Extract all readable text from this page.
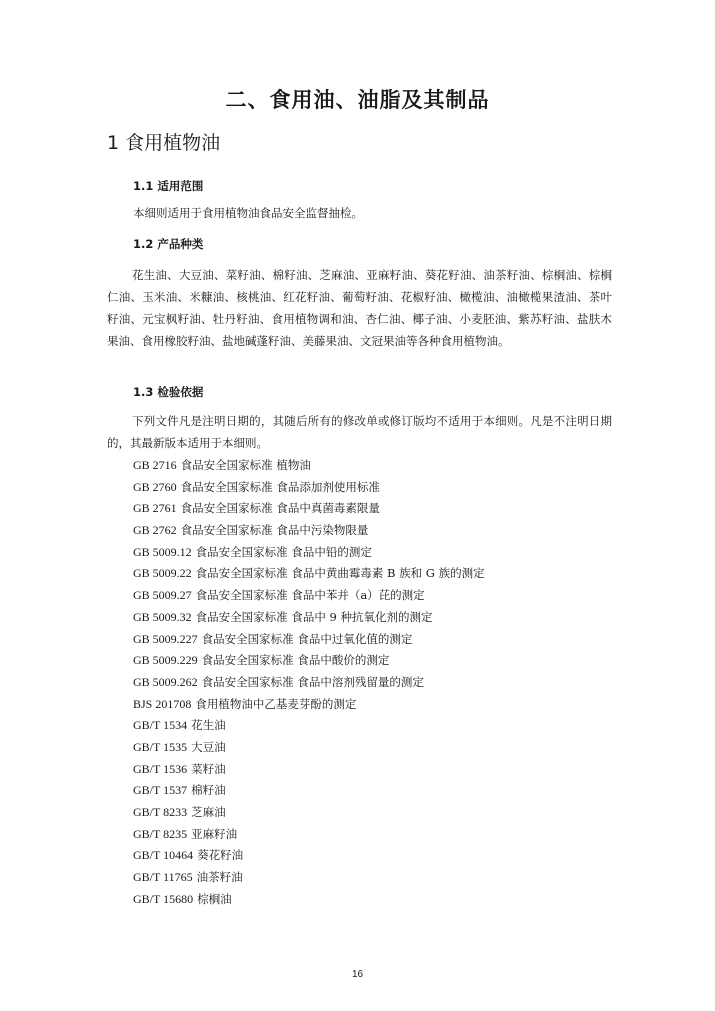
二、食用油、油脂及其制品
1 食用植物油
1.1 适用范围
本细则适用于食用植物油食品安全监督抽检。
1.2 产品种类
花生油、大豆油、菜籽油、棉籽油、芝麻油、亚麻籽油、葵花籽油、油茶籽油、棕榈油、棕榈仁油、玉米油、米糠油、核桃油、红花籽油、葡萄籽油、花椒籽油、橄榄油、油橄榄果渣油、茶叶籽油、元宝枫籽油、牡丹籽油、食用植物调和油、杏仁油、椰子油、小麦胚油、紫苏籽油、盐肤木果油、食用橡胶籽油、盐地碱蓬籽油、美藤果油、文冠果油等各种食用植物油。
1.3 检验依据
下列文件凡是注明日期的，其随后所有的修改单或修订版均不适用于本细则。凡是不注明日期的，其最新版本适用于本细则。
GB 2716 食品安全国家标准 植物油
GB 2760 食品安全国家标准 食品添加剂使用标准
GB 2761 食品安全国家标准 食品中真菌毒素限量
GB 2762 食品安全国家标准 食品中污染物限量
GB 5009.12 食品安全国家标准 食品中铅的测定
GB 5009.22 食品安全国家标准 食品中黄曲霉毒素 B 族和 G 族的测定
GB 5009.27 食品安全国家标准 食品中苯并（a）芘的测定
GB 5009.32 食品安全国家标准 食品中 9 种抗氧化剂的测定
GB 5009.227 食品安全国家标准 食品中过氧化值的测定
GB 5009.229 食品安全国家标准 食品中酸价的测定
GB 5009.262 食品安全国家标准 食品中溶剂残留量的测定
BJS 201708 食用植物油中乙基麦芽酚的测定
GB/T 1534 花生油
GB/T 1535 大豆油
GB/T 1536 菜籽油
GB/T 1537 棉籽油
GB/T 8233 芝麻油
GB/T 8235 亚麻籽油
GB/T 10464 葵花籽油
GB/T 11765 油茶籽油
GB/T 15680 棕榈油
16
